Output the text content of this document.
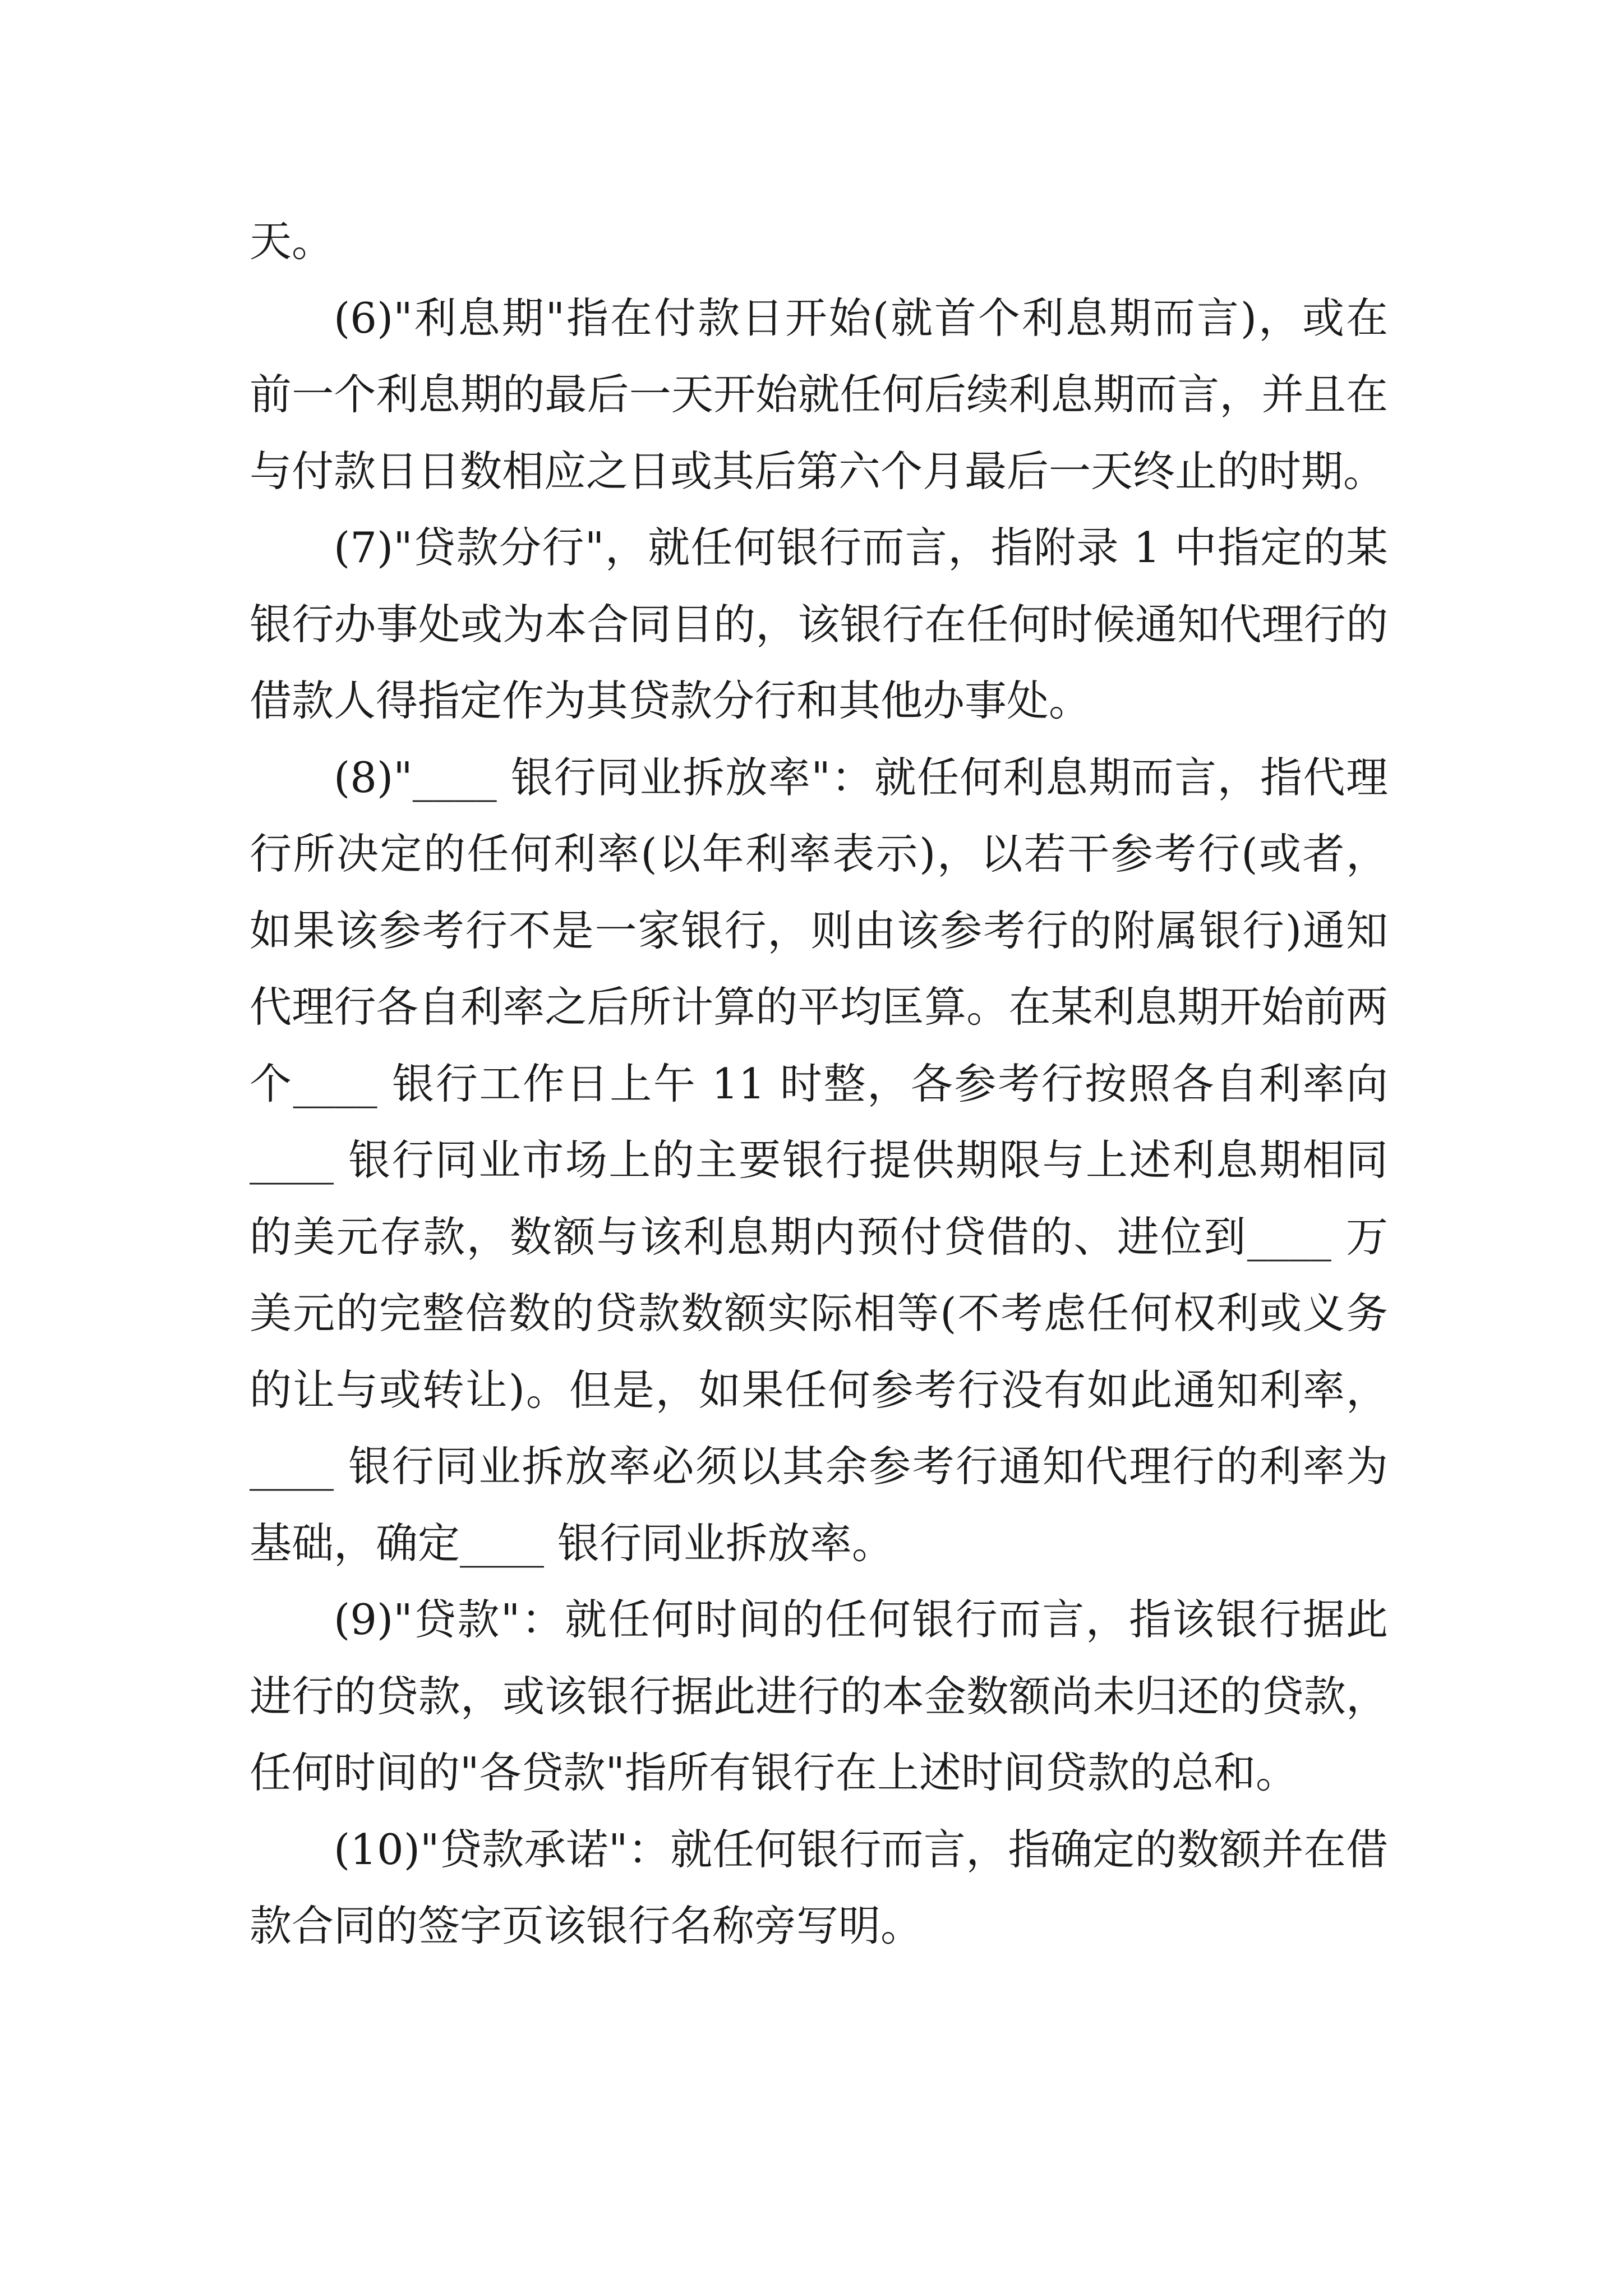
天。

(6)"利息期"指在付款日开始(就首个利息期而言)，或在前一个利息期的最后一天开始就任何后续利息期而言，并且在与付款日日数相应之日或其后第六个月最后一天终止的时期。

(7)"贷款分行"，就任何银行而言，指附录 1 中指定的某银行办事处或为本合同目的，该银行在任何时候通知代理行的借款人得指定作为其贷款分行和其他办事处。

(8)"____ 银行同业拆放率"：就任何利息期而言，指代理行所决定的任何利率(以年利率表示)，以若干参考行(或者，如果该参考行不是一家银行，则由该参考行的附属银行)通知代理行各自利率之后所计算的平均匡算。在某利息期开始前两个____ 银行工作日上午 11 时整，各参考行按照各自利率向____ 银行同业市场上的主要银行提供期限与上述利息期相同的美元存款，数额与该利息期内预付贷借的、进位到____ 万美元的完整倍数的贷款数额实际相等(不考虑任何权利或义务的让与或转让)。但是，如果任何参考行没有如此通知利率，____ 银行同业拆放率必须以其余参考行通知代理行的利率为基础，确定____ 银行同业拆放率。

(9)"贷款"：就任何时间的任何银行而言，指该银行据此进行的贷款，或该银行据此进行的本金数额尚未归还的贷款，任何时间的"各贷款"指所有银行在上述时间贷款的总和。

(10)"贷款承诺"：就任何银行而言，指确定的数额并在借款合同的签字页该银行名称旁写明。
